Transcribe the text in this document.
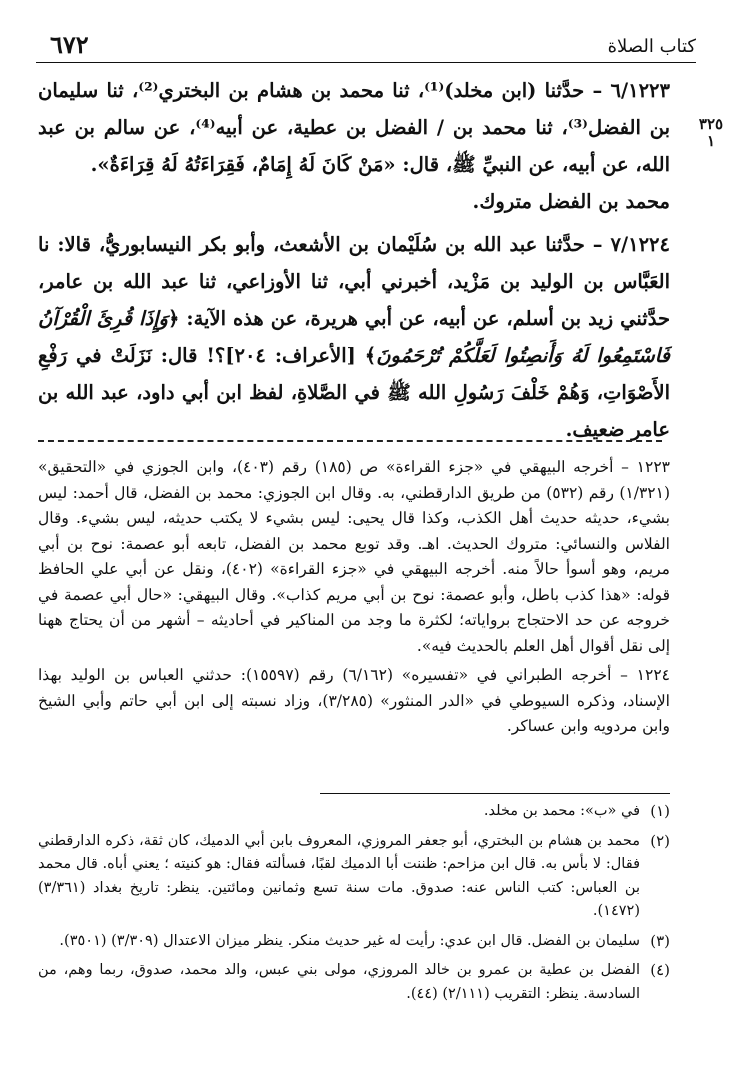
كتاب الصلاة
٦٧٢
٣٢٥
١

٦/١٢٢٣ – حدَّثنا (ابن مخلد)⁽¹⁾، ثنا محمد بن هشام بن البختري⁽²⁾، ثنا سليمان بن الفضل⁽³⁾، ثنا محمد بن / الفضل بن عطية، عن أبيه⁽⁴⁾، عن سالم بن عبد الله، عن أبيه، عن النبيِّ ﷺ، قال: «مَنْ كَانَ لَهُ إِمَامٌ، فَقِرَاءَتُهُ لَهُ قِرَاءَةٌ».

محمد بن الفضل متروك.

٧/١٢٢٤ – حدَّثنا عبد الله بن سُلَيْمان بن الأشعث، وأبو بكر النيسابوريُّ، قالا: نا العَبَّاس بن الوليد بن مَزْيد، أخبرني أبي، ثنا الأوزاعي، ثنا عبد الله بن عامر، حدَّثني زيد بن أسلم، عن أبيه، عن أبي هريرة، عن هذه الآية: ﴿وَإِذَا قُرِئَ الْقُرْآنُ فَاسْتَمِعُوا لَهُ وَأَنصِتُوا لَعَلَّكُمْ تُرْحَمُونَ﴾ [الأعراف: ٢٠٤]؟! قال: نَزَلَتْ في رَفْعِ الأَصْوَاتِ، وَهُمْ خَلْفَ رَسُولِ الله ﷺ في الصَّلاةِ، لفظ ابن أبي داود، عبد الله بن عامر ضعيف.

١٢٢٣ – أخرجه البيهقي في «جزء القراءة» ص (١٨٥) رقم (٤٠٣)، وابن الجوزي في «التحقيق» (١/٣٢١) رقم (٥٣٢) من طريق الدارقطني، به. وقال ابن الجوزي: محمد بن الفضل، قال أحمد: ليس بشيء، حديثه حديث أهل الكذب، وكذا قال يحيى: ليس بشيء لا يكتب حديثه، ليس بشيء. وقال الفلاس والنسائي: متروك الحديث. اهـ. وقد توبع محمد بن الفضل، تابعه أبو عصمة: نوح بن أبي مريم، وهو أسوأ حالاً منه. أخرجه البيهقي في «جزء القراءة» (٤٠٢)، ونقل عن أبي علي الحافظ قوله: «هذا كذب باطل، وأبو عصمة: نوح بن أبي مريم كذاب». وقال البيهقي: «حال أبي عصمة في خروجه عن حد الاحتجاج برواياته؛ لكثرة ما وجد من المناكير في أحاديثه – أشهر من أن يحتاج ههنا إلى نقل أقوال أهل العلم بالحديث فيه».

١٢٢٤ – أخرجه الطبراني في «تفسيره» (٦/١٦٢) رقم (١٥٥٩٧): حدثني العباس بن الوليد بهذا الإسناد، وذكره السيوطي في «الدر المنثور» (٣/٢٨٥)، وزاد نسبته إلى ابن أبي حاتم وأبي الشيخ وابن مردويه وابن عساكر.

(١)
في «ب»: محمد بن مخلد.
(٢)
محمد بن هشام بن البختري، أبو جعفر المروزي، المعروف بابن أبي الدميك، كان ثقة، ذكره الدارقطني فقال: لا بأس به. قال ابن مزاحم: ظننت أبا الدميك لقبًا، فسألته فقال: هو كنيته ؛ يعني أباه. قال محمد بن العباس: كتب الناس عنه: صدوق. مات سنة تسع وثمانين ومائتين. ينظر: تاريخ بغداد (٣/٣٦١) (١٤٧٢).
(٣)
سليمان بن الفضل. قال ابن عدي: رأيت له غير حديث منكر. ينظر ميزان الاعتدال (٣/٣٠٩) (٣٥٠١).
(٤)
الفضل بن عطية بن عمرو بن خالد المروزي، مولى بني عبس، والد محمد، صدوق، ربما وهم، من السادسة. ينظر: التقريب (٢/١١١) (٤٤).
